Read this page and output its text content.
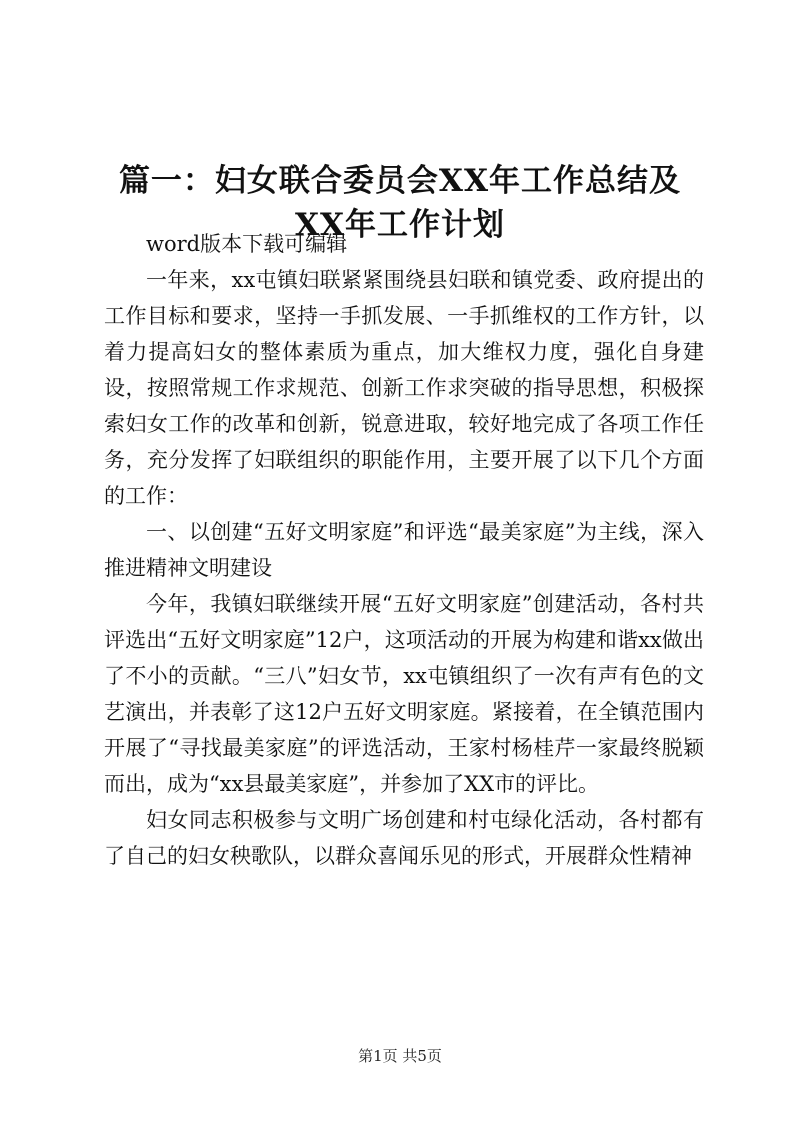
篇一：妇女联合委员会XX年工作总结及XX年工作计划

word版本下载可编辑

一年来，xx屯镇妇联紧紧围绕县妇联和镇党委、政府提出的工作目标和要求，坚持一手抓发展、一手抓维权的工作方针，以着力提高妇女的整体素质为重点，加大维权力度，强化自身建设，按照常规工作求规范、创新工作求突破的指导思想，积极探索妇女工作的改革和创新，锐意进取，较好地完成了各项工作任务，充分发挥了妇联组织的职能作用，主要开展了以下几个方面的工作：

一、以创建“五好文明家庭”和评选“最美家庭”为主线，深入推进精神文明建设

今年，我镇妇联继续开展“五好文明家庭”创建活动，各村共评选出“五好文明家庭”12户，这项活动的开展为构建和谐xx做出了不小的贡献。“三八”妇女节，xx屯镇组织了一次有声有色的文艺演出，并表彰了这12户五好文明家庭。紧接着，在全镇范围内开展了“寻找最美家庭”的评选活动，王家村杨桂芹一家最终脱颖而出，成为“xx县最美家庭”，并参加了XX市的评比。

妇女同志积极参与文明广场创建和村屯绿化活动，各村都有了自己的妇女秧歌队，以群众喜闻乐见的形式，开展群众性精神

第1页 共5页
